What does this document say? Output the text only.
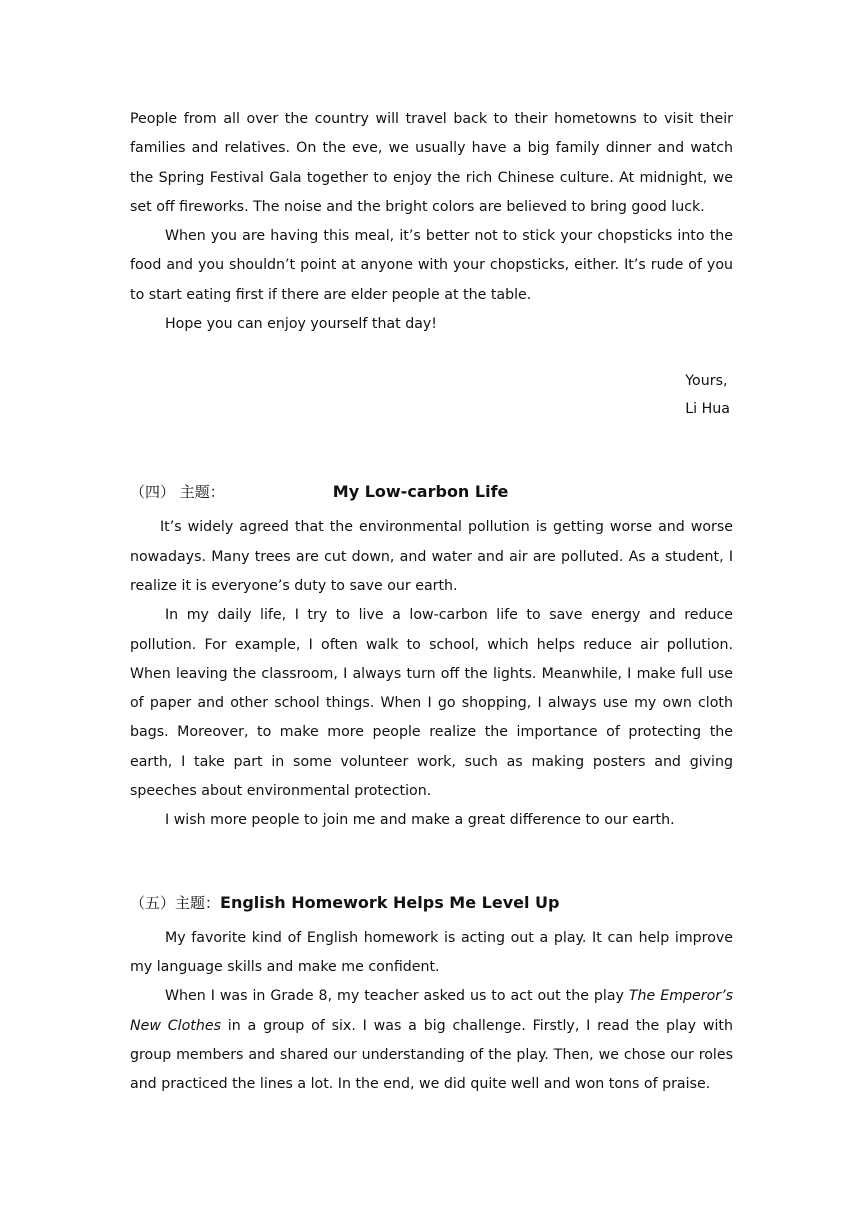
People from all over the country will travel back to their hometowns to visit their families and relatives. On the eve, we usually have a big family dinner and watch the Spring Festival Gala together to enjoy the rich Chinese culture. At midnight, we set off fireworks. The noise and the bright colors are believed to bring good luck.

When you are having this meal, it’s better not to stick your chopsticks into the food and you shouldn’t point at anyone with your chopsticks, either. It’s rude of you to start eating first if there are elder people at the table.

Hope you can enjoy yourself that day!

Yours,
Li Hua
（四） 主题：	My Low-carbon Life

It’s widely agreed that the environmental pollution is getting worse and worse nowadays. Many trees are cut down, and water and air are polluted. As a student, I realize it is everyone’s duty to save our earth.

In my daily life, I try to live a low-carbon life to save energy and reduce pollution. For example, I often walk to school, which helps reduce air pollution. When leaving the classroom, I always turn off the lights. Meanwhile, I make full use of paper and other school things. When I go shopping, I always use my own cloth bags. Moreover, to make more people realize the importance of protecting the earth, I take part in some volunteer work, such as making posters and giving speeches about environmental protection.

I wish more people to join me and make a great difference to our earth.

（五）主题：English Homework Helps Me Level Up

My favorite kind of English homework is acting out a play. It can help improve my language skills and make me confident.

When I was in Grade 8, my teacher asked us to act out the play The Emperor’s New Clothes in a group of six. I was a big challenge. Firstly, I read the play with group members and shared our understanding of the play. Then, we chose our roles and practiced the lines a lot. In the end, we did quite well and won tons of praise.
